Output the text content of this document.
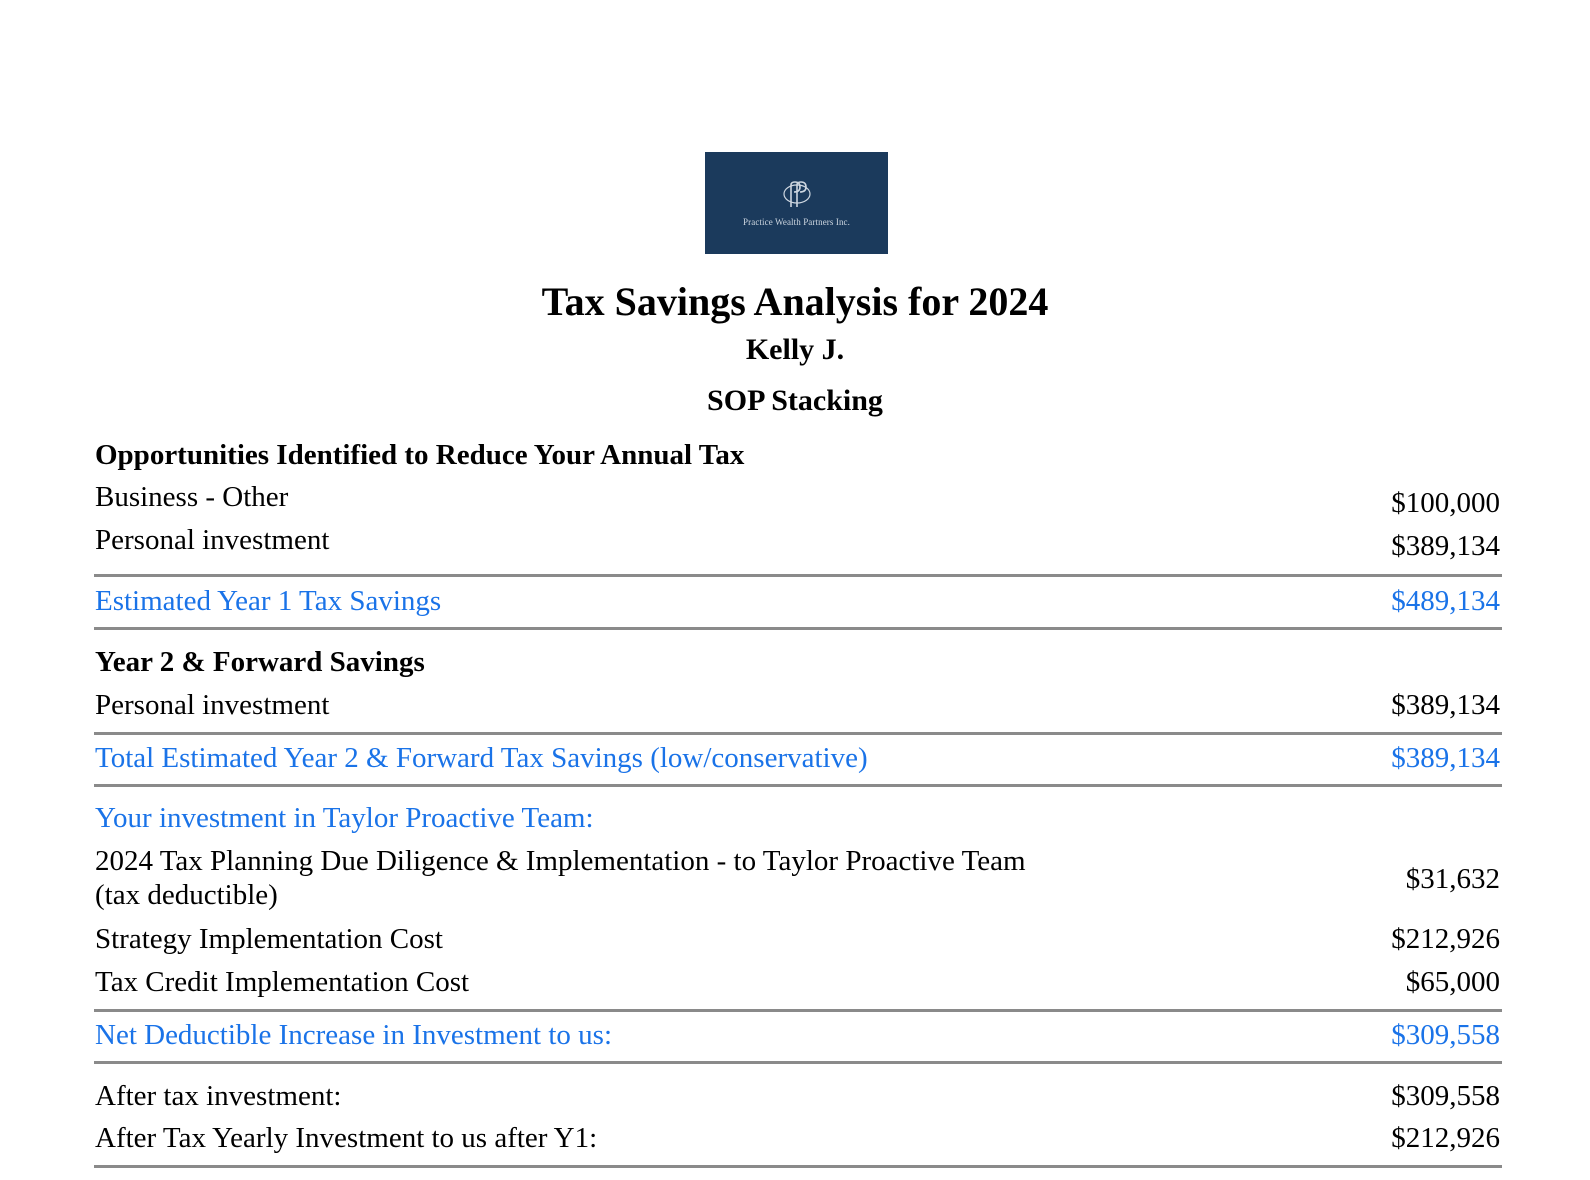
Practice Wealth Partners Inc.
Tax Savings Analysis for 2024
Kelly J.
SOP Stacking
Opportunities Identified to Reduce Your Annual Tax
Business - Other	$100,000
Personal investment	$389,134
Estimated Year 1 Tax Savings	$489,134
Year 2 & Forward Savings
Personal investment	$389,134
Total Estimated Year 2 & Forward Tax Savings (low/conservative)	$389,134
Your investment in Taylor Proactive Team:
2024 Tax Planning Due Diligence & Implementation - to Taylor Proactive Team
(tax deductible)	$31,632
Strategy Implementation Cost	$212,926
Tax Credit Implementation Cost	$65,000
Net Deductible Increase in Investment to us:	$309,558
After tax investment:	$309,558
After Tax Yearly Investment to us after Y1:	$212,926
